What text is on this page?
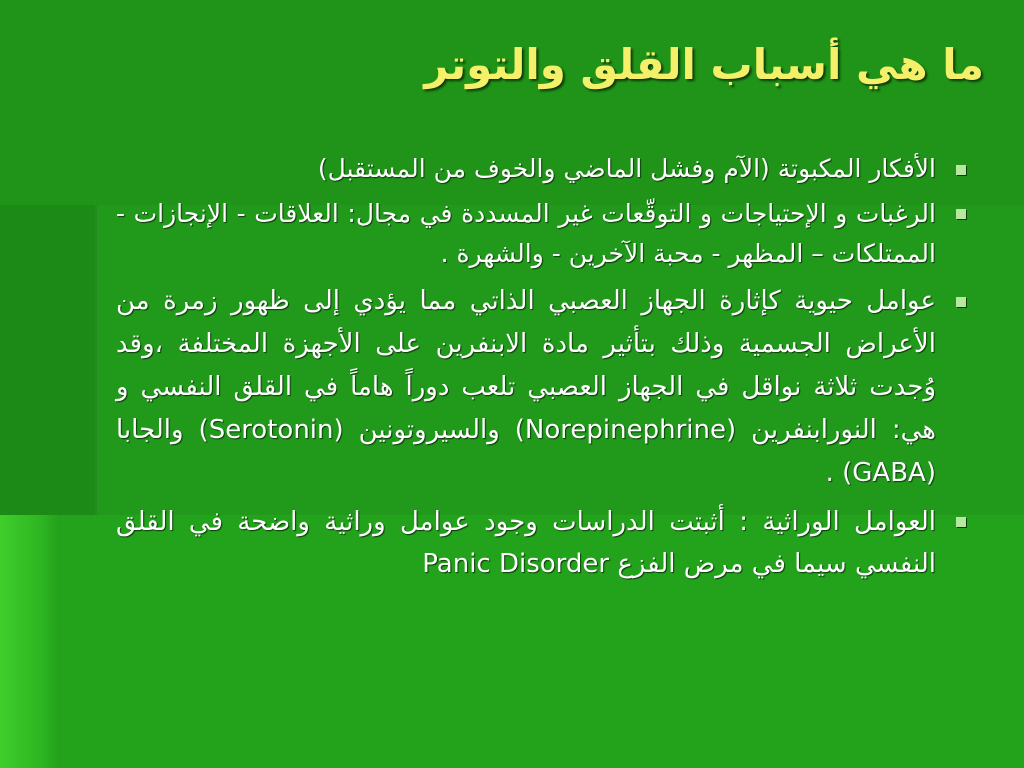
ما هي أسباب القلق والتوتر
الأفكار المكبوتة (الآم وفشل الماضي والخوف من المستقبل)
الرغبات و الإحتياجات و التوقّعات غير المسددة في مجال: العلاقات - الإنجازات - الممتلكات – المظهر - محبة الآخرين - والشهرة .
عوامل حيوية كإثارة الجهاز العصبي الذاتي مما يؤدي إلى ظهور زمرة من الأعراض الجسمية وذلك بتأثير مادة الابنفرين على الأجهزة المختلفة ،وقد وُجدت ثلاثة نواقل في الجهاز العصبي تلعب دوراً هاماً في القلق النفسي و هي: النورابنفرين (Norepinephrine) والسيروتونين (Serotonin) والجابا (GABA) .
العوامل الوراثية : أثبتت الدراسات وجود عوامل وراثية واضحة في القلق النفسي سيما في مرض الفزع Panic Disorder
